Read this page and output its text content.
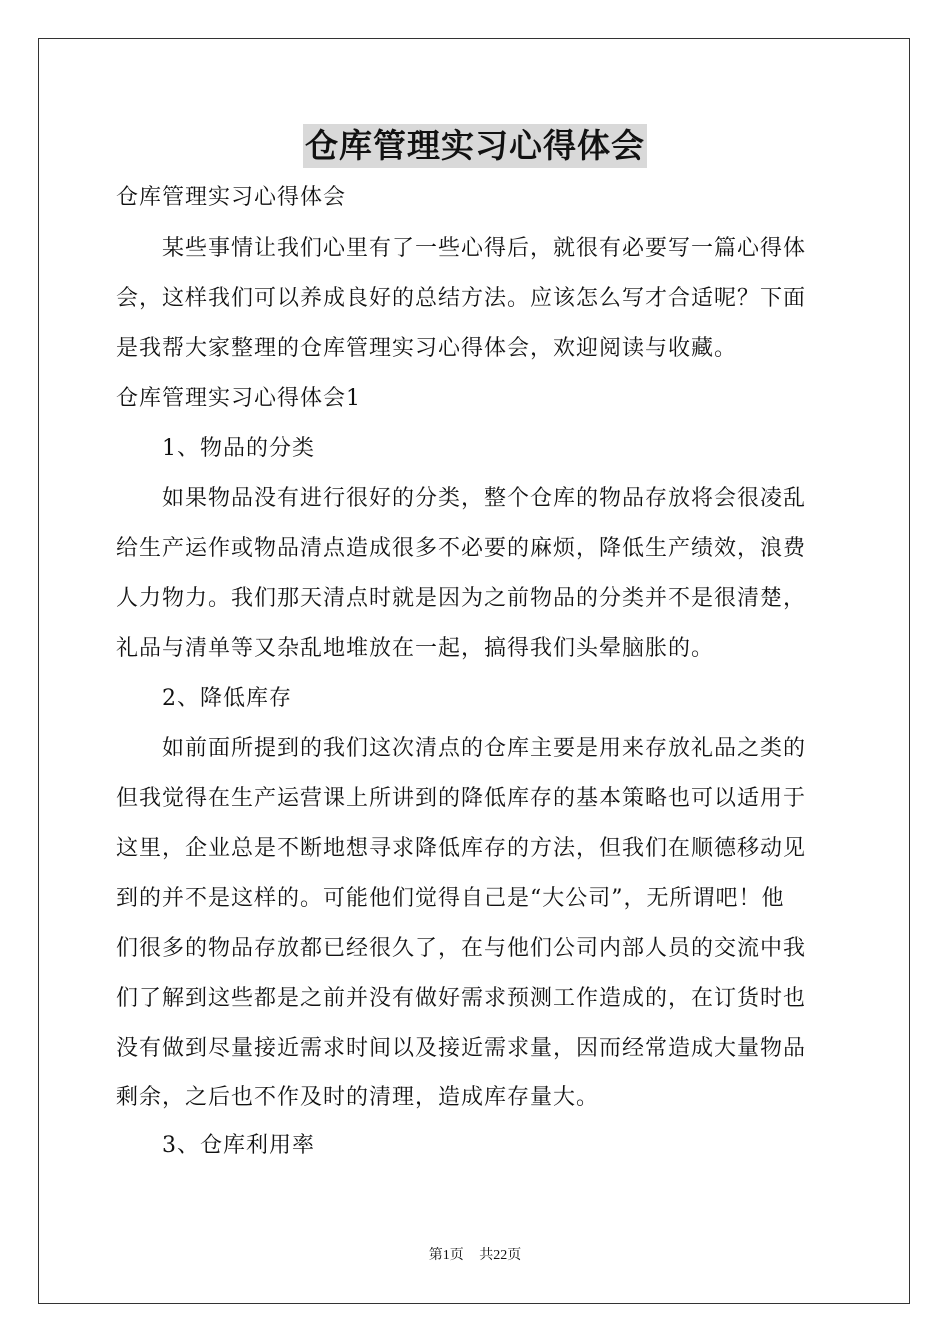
仓库管理实习心得体会
仓库管理实习心得体会
　　某些事情让我们心里有了一些心得后，就很有必要写一篇心得体
会，这样我们可以养成良好的总结方法。应该怎么写才合适呢？下面
是我帮大家整理的仓库管理实习心得体会，欢迎阅读与收藏。
仓库管理实习心得体会1
　　1、物品的分类
　　如果物品没有进行很好的分类，整个仓库的物品存放将会很凌乱
给生产运作或物品清点造成很多不必要的麻烦，降低生产绩效，浪费
人力物力。我们那天清点时就是因为之前物品的分类并不是很清楚，
礼品与清单等又杂乱地堆放在一起，搞得我们头晕脑胀的。
　　2、降低库存
　　如前面所提到的我们这次清点的仓库主要是用来存放礼品之类的
但我觉得在生产运营课上所讲到的降低库存的基本策略也可以适用于
这里，企业总是不断地想寻求降低库存的方法，但我们在顺德移动见
到的并不是这样的。可能他们觉得自己是“大公司”，无所谓吧！他
们很多的物品存放都已经很久了，在与他们公司内部人员的交流中我
们了解到这些都是之前并没有做好需求预测工作造成的，在订货时也
没有做到尽量接近需求时间以及接近需求量，因而经常造成大量物品
剩余，之后也不作及时的清理，造成库存量大。
　　3、仓库利用率
第1页 共22页
